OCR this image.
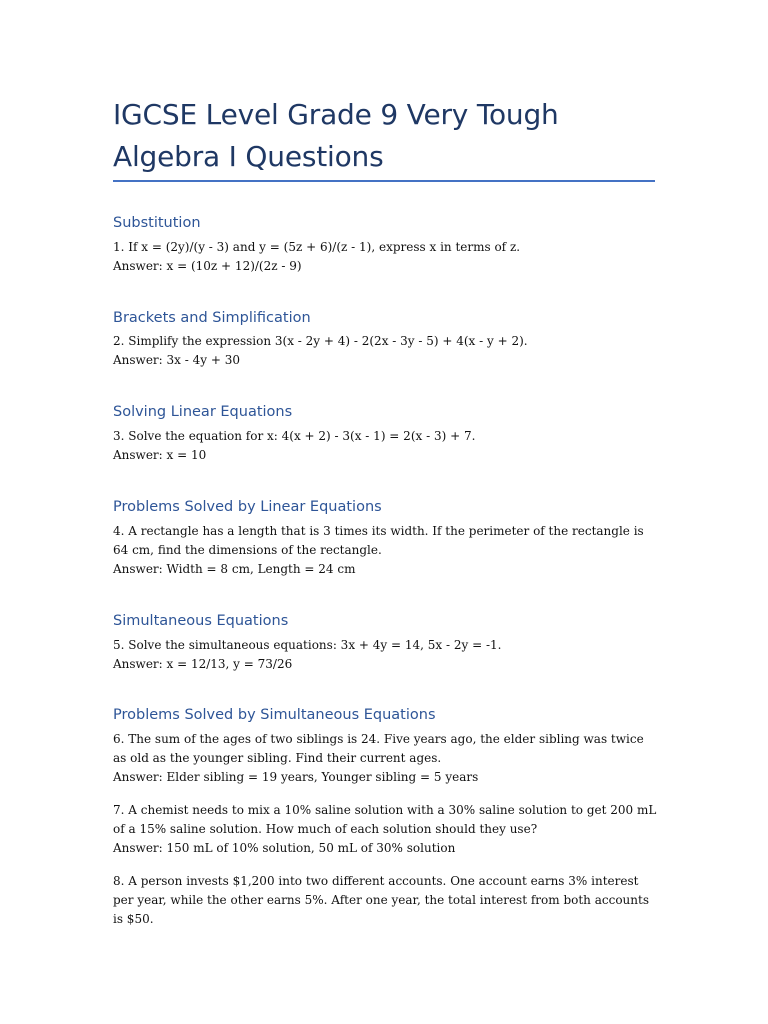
IGCSE Level Grade 9 Very Tough Algebra I Questions
Substitution

1. If x = (2y)/(y - 3) and y = (5z + 6)/(z - 1), express x in terms of z.
Answer: x = (10z + 12)/(2z - 9)

Brackets and Simplification

2. Simplify the expression 3(x - 2y + 4) - 2(2x - 3y - 5) + 4(x - y + 2).
Answer: 3x - 4y + 30

Solving Linear Equations

3. Solve the equation for x: 4(x + 2) - 3(x - 1) = 2(x - 3) + 7.
Answer: x = 10

Problems Solved by Linear Equations

4. A rectangle has a length that is 3 times its width. If the perimeter of the rectangle is 64 cm, find the dimensions of the rectangle.
Answer: Width = 8 cm, Length = 24 cm

Simultaneous Equations

5. Solve the simultaneous equations: 3x + 4y = 14, 5x - 2y = -1.
Answer: x = 12/13, y = 73/26

Problems Solved by Simultaneous Equations

6. The sum of the ages of two siblings is 24. Five years ago, the elder sibling was twice as old as the younger sibling. Find their current ages.
Answer: Elder sibling = 19 years, Younger sibling = 5 years

7. A chemist needs to mix a 10% saline solution with a 30% saline solution to get 200 mL of a 15% saline solution. How much of each solution should they use?
Answer: 150 mL of 10% solution, 50 mL of 30% solution

8. A person invests $1,200 into two different accounts. One account earns 3% interest per year, while the other earns 5%. After one year, the total interest from both accounts is $50.
